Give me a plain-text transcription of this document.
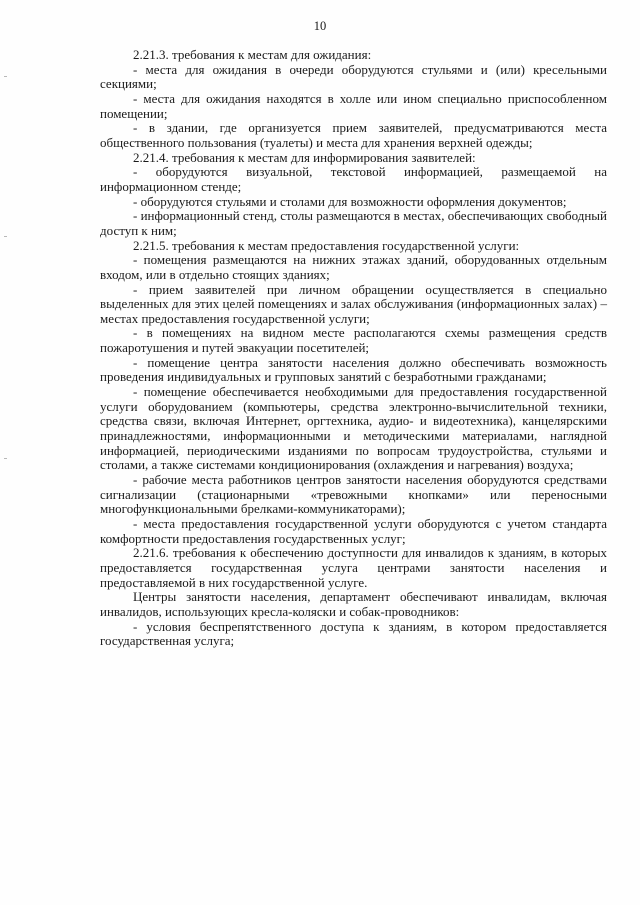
10

2.21.3. требования к местам для ожидания:

- места для ожидания в очереди оборудуются стульями и (или) кресельными секциями;

- места для ожидания находятся в холле или ином специально приспособленном помещении;

- в здании, где организуется прием заявителей, предусматриваются места общественного пользования (туалеты) и места для хранения верхней одежды;

2.21.4. требования к местам для информирования заявителей:

- оборудуются визуальной, текстовой информацией, размещаемой на информационном стенде;

- оборудуются стульями и столами для возможности оформления документов;

- информационный стенд, столы размещаются в местах, обеспечивающих свободный доступ к ним;

2.21.5. требования к местам предоставления государственной услуги:

- помещения размещаются на нижних этажах зданий, оборудованных отдельным входом, или в отдельно стоящих зданиях;

- прием заявителей при личном обращении осуществляется в специально выделенных для этих целей помещениях и залах обслуживания (информационных залах) – местах предоставления государственной услуги;

- в помещениях на видном месте располагаются схемы размещения средств пожаротушения и путей эвакуации посетителей;

- помещение центра занятости населения должно обеспечивать возможность проведения индивидуальных и групповых занятий с безработными гражданами;

- помещение обеспечивается необходимыми для предоставления государственной услуги оборудованием (компьютеры, средства электронно-вычислительной техники, средства связи, включая Интернет, оргтехника, аудио- и видеотехника), канцелярскими принадлежностями, информационными и методическими материалами, наглядной информацией, периодическими изданиями по вопросам трудоустройства, стульями и столами, а также системами кондиционирования (охлаждения и нагревания) воздуха;

- рабочие места работников центров занятости населения оборудуются средствами сигнализации (стационарными «тревожными кнопками» или переносными многофункциональными брелками-коммуникаторами);

- места предоставления государственной услуги оборудуются с учетом стандарта комфортности предоставления государственных услуг;

2.21.6. требования к обеспечению доступности для инвалидов к зданиям, в которых предоставляется государственная услуга центрами занятости населения и предоставляемой в них государственной услуге.

Центры занятости населения, департамент обеспечивают инвалидам, включая инвалидов, использующих кресла-коляски и собак-проводников:

- условия беспрепятственного доступа к зданиям, в котором предоставляется государственная услуга;
